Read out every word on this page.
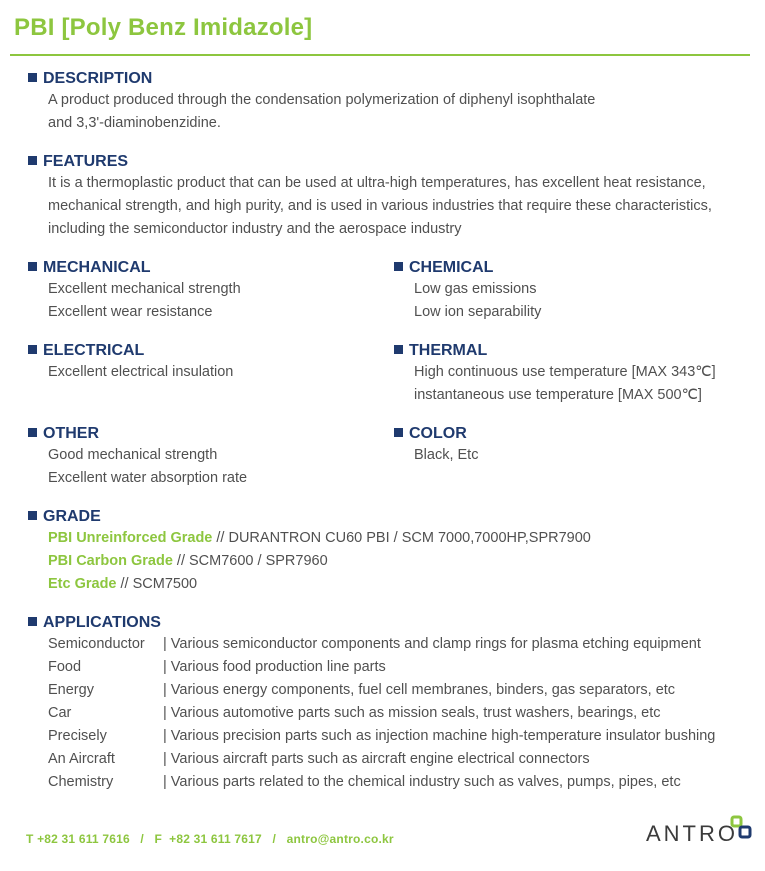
PBI [Poly Benz Imidazole]
DESCRIPTION
A product produced through the condensation polymerization of diphenyl isophthalate
and 3,3'-diaminobenzidine.
FEATURES
It is a thermoplastic product that can be used at ultra-high temperatures, has excellent heat resistance,
mechanical strength, and high purity, and is used in various industries that require these characteristics,
including the semiconductor industry and the aerospace industry
MECHANICAL
Excellent mechanical strength
Excellent wear resistance
CHEMICAL
Low gas emissions
Low ion separability
ELECTRICAL
Excellent electrical insulation
THERMAL
High continuous use temperature [MAX 343℃]
instantaneous use temperature [MAX 500℃]
OTHER
Good mechanical strength
Excellent water absorption rate
COLOR
Black, Etc
GRADE
PBI Unreinforced Grade // DURANTRON CU60 PBI / SCM 7000,7000HP,SPR7900
PBI Carbon Grade // SCM7600 / SPR7960
Etc Grade // SCM7500
APPLICATIONS
Semiconductor	| Various semiconductor components and clamp rings for plasma etching equipment
Food	| Various food production line parts
Energy	| Various energy components, fuel cell membranes, binders, gas separators, etc
Car	| Various automotive parts such as mission seals, trust washers, bearings, etc
Precisely	| Various precision parts such as injection machine high-temperature insulator bushing
An Aircraft	| Various aircraft parts such as aircraft engine electrical connectors
Chemistry	| Various parts related to the chemical industry such as valves, pumps, pipes, etc
T +82 31 611 7616   /   F  +82 31 611 7617   /   antro@antro.co.kr	ANTRO
